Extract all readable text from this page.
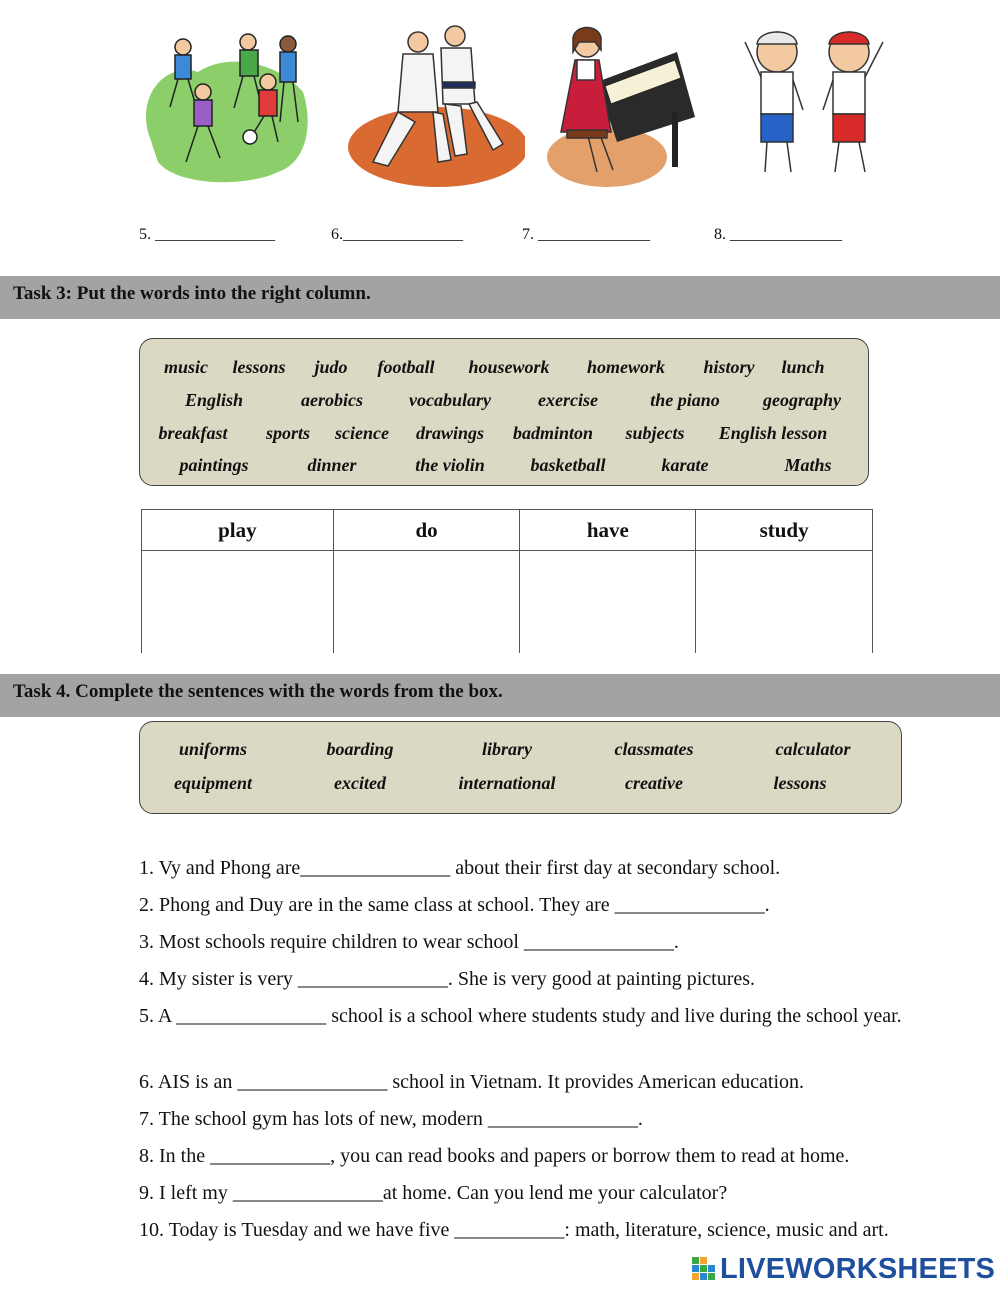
5. _______________	6._______________	7. ______________	8. ______________
Task 3: Put the words into the right column.
music lessons judo football housework homework history lunch
English	aerobics	vocabulary	exercise	the piano geography
breakfast sports science drawings badminton subjects English lesson
paintings	dinner	the violin	basketball	karate	Maths
play	do	have	study

Task 4. Complete the sentences with the words from the box.
uniforms	boarding	library	classmates	calculator
equipment	excited	international	creative	lessons
1. Vy and Phong are_______________ about their first day at secondary school.
2. Phong and Duy are in the same class at school. They are _______________.
3. Most schools require children to wear school _______________.
4. My sister is very _______________. She is very good at painting pictures.
5. A _______________ school is a school where students study and live during the school year.
6. AIS is an _______________ school in Vietnam. It provides American education.
7. The school gym has lots of new, modern _______________.
8. In the ____________, you can read books and papers or borrow them to read at home.
9. I left my _______________at home. Can you lend me your calculator?
10. Today is Tuesday and we have five ___________: math, literature, science, music and art.
LIVEWORKSHEETS
